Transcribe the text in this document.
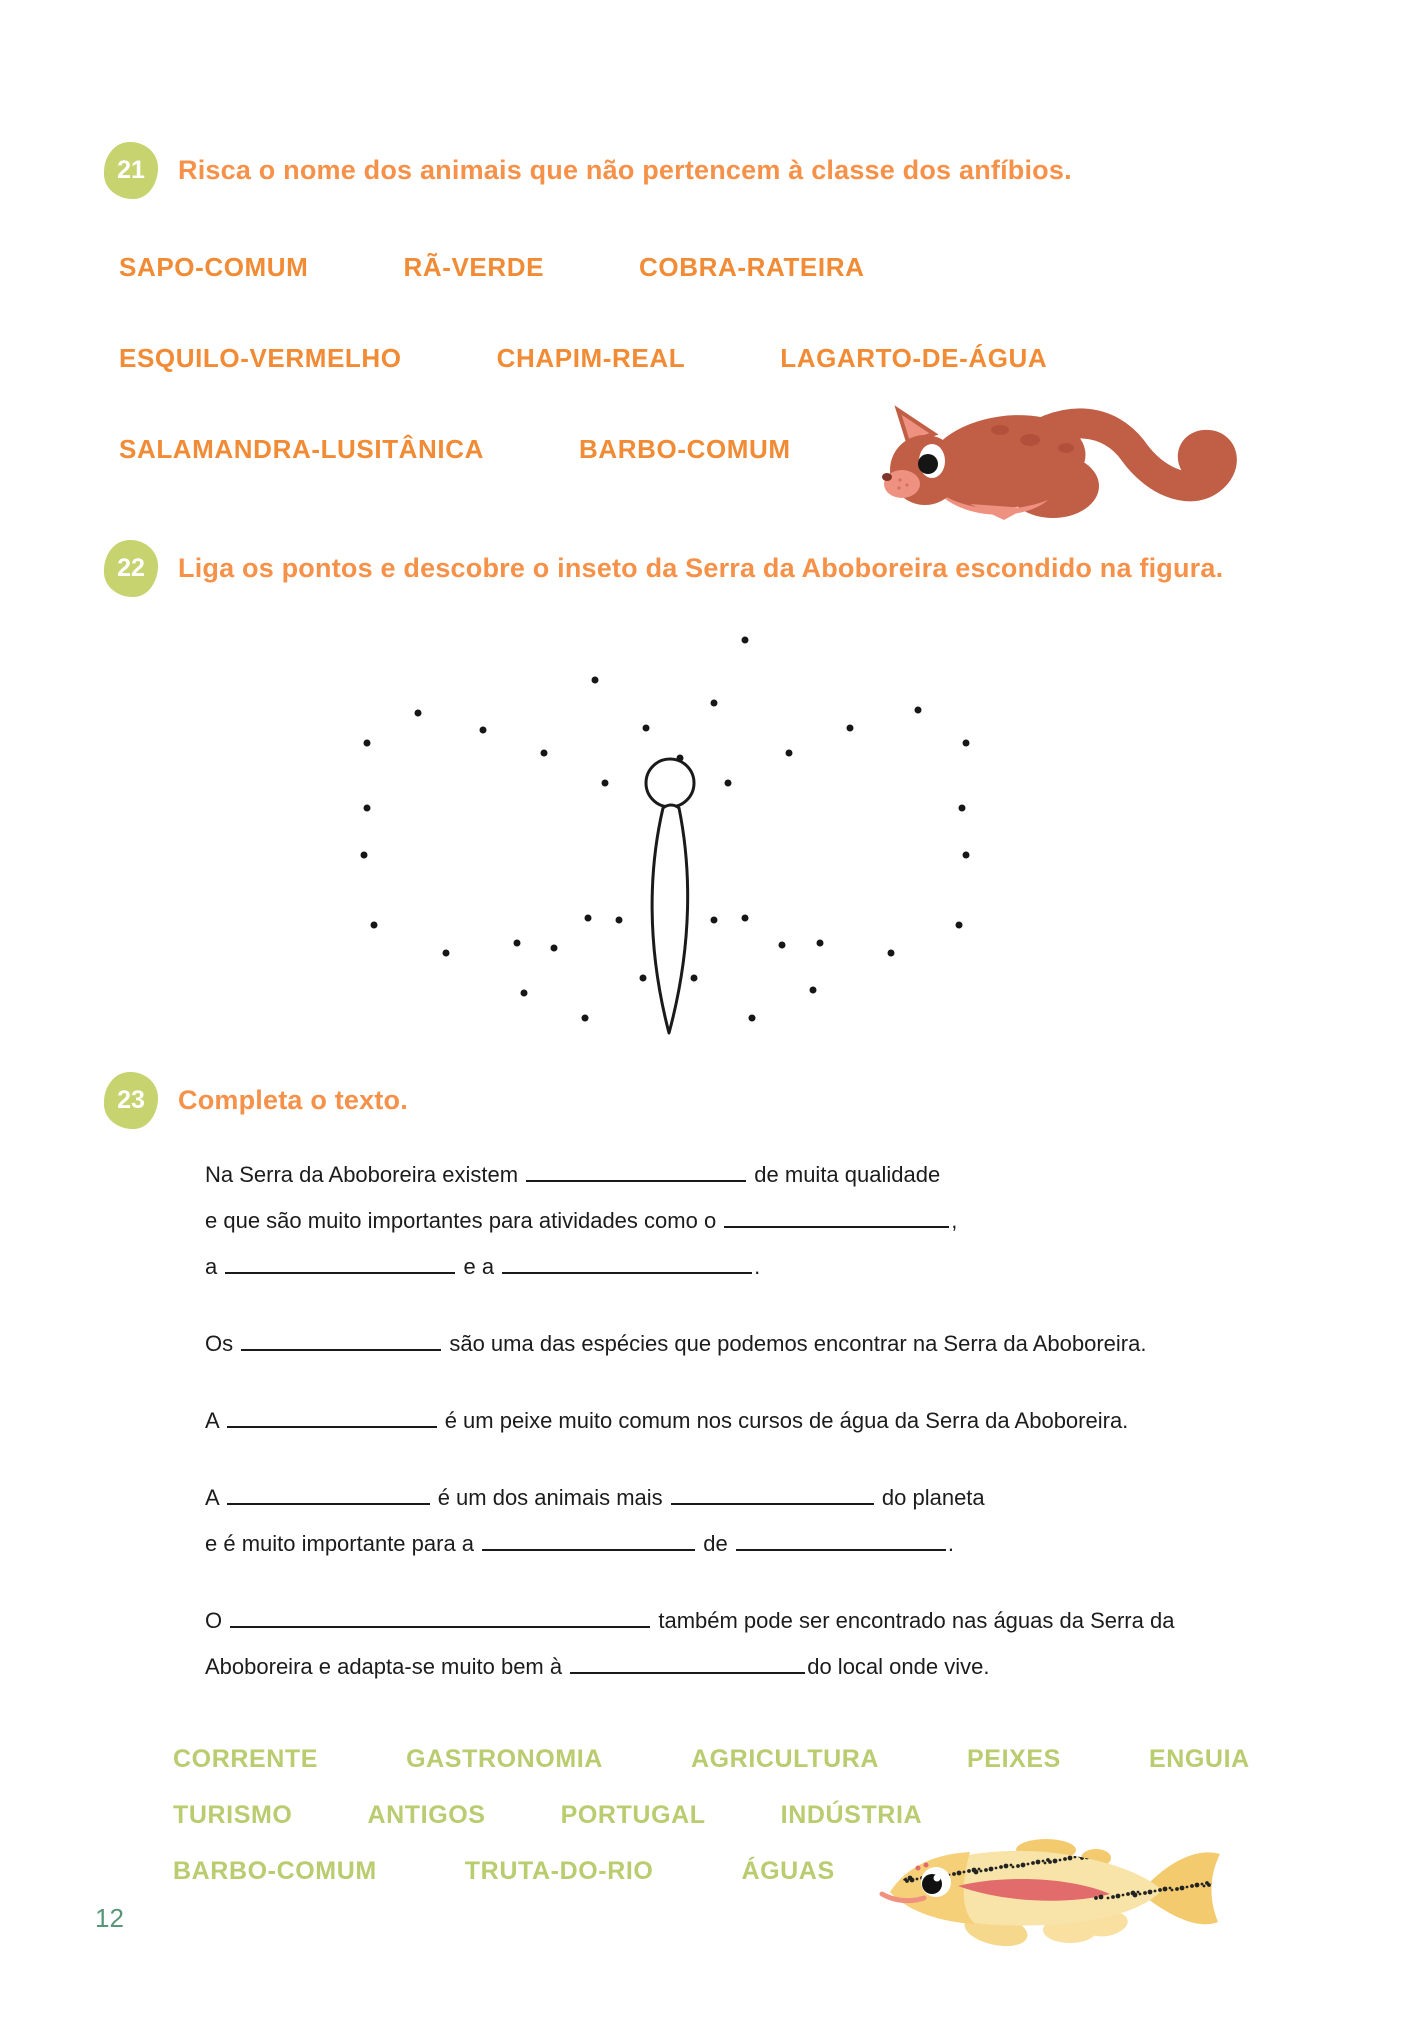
21	Risca o nome dos animais que não pertencem à classe dos anfíbios.
SAPO-COMUM	RÃ-VERDE	COBRA-RATEIRA
ESQUILO-VERMELHO	CHAPIM-REAL	LAGARTO-DE-ÁGUA
SALAMANDRA-LUSITÂNICA	BARBO-COMUM
22	Liga os pontos e descobre o inseto da Serra da Aboboreira escondido na figura.
23	Completa o texto.
Na Serra da Aboboreira existem	de muita qualidade
e que são muito importantes para atividades como o	,
a	e a	.
Os	são uma das espécies que podemos encontrar na Serra da Aboboreira.
A	é um peixe muito comum nos cursos de água da Serra da Aboboreira.
A	é um dos animais mais	do planeta
e é muito importante para a	de	.
O	também pode ser encontrado nas águas da Serra da
Aboboreira e adapta-se muito bem à	do local onde vive.
CORRENTE	GASTRONOMIA	AGRICULTURA	PEIXES	ENGUIA
TURISMO	ANTIGOS	PORTUGAL	INDÚSTRIA
BARBO-COMUM	TRUTA-DO-RIO	ÁGUAS
12
